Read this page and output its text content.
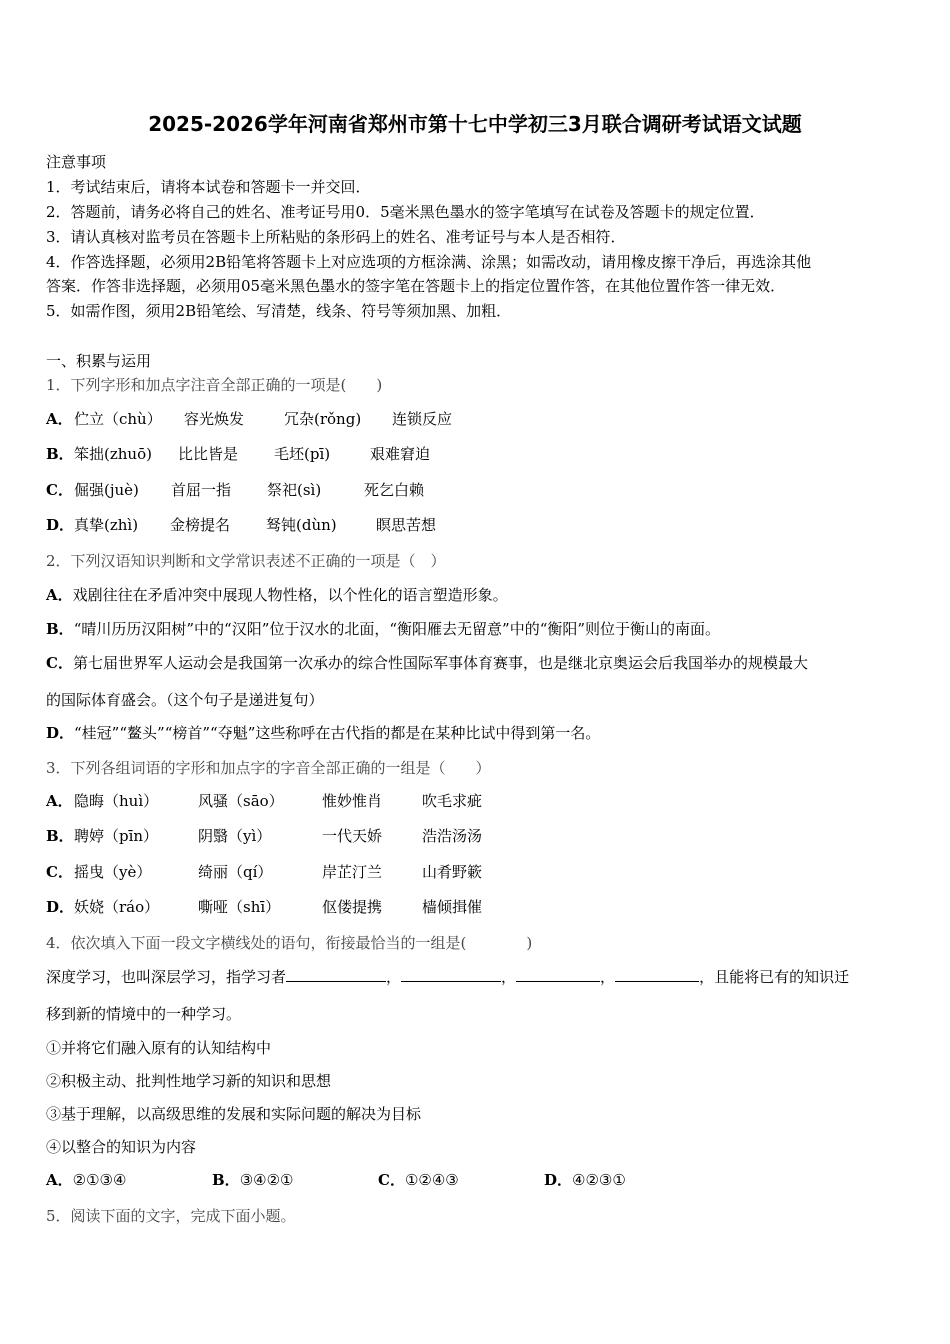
2025-2026学年河南省郑州市第十七中学初三3月联合调研考试语文试题
注意事项
1．考试结束后，请将本试卷和答题卡一并交回．
2．答题前，请务必将自己的姓名、准考证号用0．5毫米黑色墨水的签字笔填写在试卷及答题卡的规定位置．
3．请认真核对监考员在答题卡上所粘贴的条形码上的姓名、准考证号与本人是否相符．
4．作答选择题，必须用2B铅笔将答题卡上对应选项的方框涂满、涂黑；如需改动，请用橡皮擦干净后，再选涂其他
答案．作答非选择题，必须用05毫米黑色墨水的签字笔在答题卡上的指定位置作答，在其他位置作答一律无效．
5．如需作图，须用2B铅笔绘、写清楚，线条、符号等须加黑、加粗．
一、积累与运用
1．下列字形和加点字注音全部正确的一项是(　　)
A．伫立（chù） 容光焕发	冗杂(rǒng) 连锁反应
B．笨拙(zhuō) 比比皆是 毛坯(pī)	艰难窘迫
C．倔强(juè) 首屈一指 祭祀(sì)	死乞白赖
D．真挚(zhì) 金榜提名 驽钝(dùn)	瞑思苦想
2．下列汉语知识判断和文学常识表述不正确的一项是（　）
A．戏剧往往在矛盾冲突中展现人物性格，以个性化的语言塑造形象。
B．“晴川历历汉阳树”中的“汉阳”位于汉水的北面，“衡阳雁去无留意”中的“衡阳”则位于衡山的南面。
C．第七届世界军人运动会是我国第一次承办的综合性国际军事体育赛事，也是继北京奥运会后我国举办的规模最大
的国际体育盛会。（这个句子是递进复句）
D．“桂冠”“鳌头”“榜首”“夺魁”这些称呼在古代指的都是在某种比试中得到第一名。
3．下列各组词语的字形和加点字的字音全部正确的一组是（　　）
A．隐晦（huì）	风骚（sāo）	惟妙惟肖	吹毛求疵
B．聘婷（pīn）	阴翳（yì）	一代天娇	浩浩汤汤
C．摇曳（yè）	绮丽（qí）	岸芷汀兰	山肴野簌
D．妖娆（ráo）	嘶哑（shī）	伛偻提携	樯倾揖催
4．依次填入下面一段文字横线处的语句，衔接最恰当的一组是(　　　　)
深度学习，也叫深层学习，指学习者	，	，	，	，且能将已有的知识迁
移到新的情境中的一种学习。
①并将它们融入原有的认知结构中
②积极主动、批判性地学习新的知识和思想
③基于理解，以高级思维的发展和实际问题的解决为目标
④以整合的知识为内容
A．②①③④	B．③④②①	C．①②④③	D．④②③①
5．阅读下面的文字，完成下面小题。
